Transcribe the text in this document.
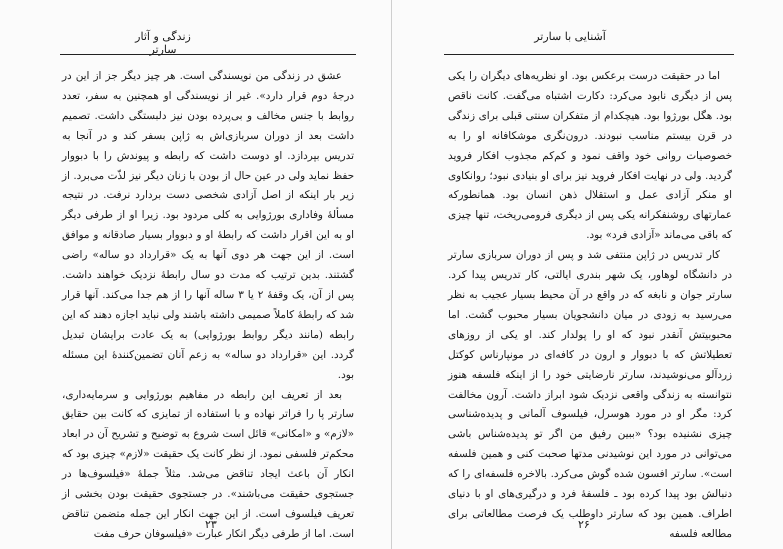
زندگی و آثار سارتر

عشق در زندگی من نویسندگی است. هر چیز دیگر جز از این در درجهٔ دوم قرار دارد». غیر از نویسندگی او همچنین به سفر، تعدد روابط با جنس مخالف و بی‌پرده بودن نیز دلبستگی داشت. تصمیم داشت بعد از دوران سربازی‌اش به ژاپن بسفر کند و در آنجا به تدریس بپردازد. او دوست داشت که رابطه و پیوندش را با دبووار حفظ نماید ولی در عین حال از بودن با زنان دیگر نیز لذّت می‌برد. از زیر بار اینکه از اصل آزادی شخصی دست بردارد نرفت. در نتیجه مسألهٔ وفاداری بورژوایی به کلی مردود بود. زیرا او از طرفی دیگر او به این اقرار داشت که رابطهٔ او و دبووار بسیار صادقانه و موافق است. از این جهت هر دوی آنها به یک «قرارداد دو ساله» راضی گشتند. بدین ترتیب که مدت دو سال رابطهٔ نزدیک خواهند داشت. پس از آن، یک وقفهٔ ۲ یا ۳ ساله آنها را از هم جدا می‌کند. آنها قرار شد که رابطهٔ کاملاً صمیمی داشته باشند ولی نباید اجازه دهند که این رابطه (مانند دیگر روابط بورژوایی) به یک عادت برایشان تبدیل گردد. این «قرارداد دو ساله» به زعم آنان تضمین‌کنندهٔ این مسئله بود.

بعد از تعریف این رابطه در مفاهیم بورژوایی و سرمایه‌داری، سارتر پا را فراتر نهاده و با استفاده از تمایزی که کانت بین حقایق «لازم» و «امکانی» قائل است شروع به توضیح و تشریح آن در ابعاد محکم‌تر فلسفی نمود. از نظر کانت یک حقیقت «لازم» چیزی بود که انکار آن باعث ایجاد تناقض می‌شد. مثلاً جملهٔ «فیلسوف‌ها در جستجوی حقیقت می‌باشند». در جستجوی حقیقت بودن بخشی از تعریف فیلسوف است. از این جهت انکار این جمله متضمن تناقض است. اما از طرفی دیگر انکار عبارت «فیلسوفان حرف مفت

۲۳
آشنایی با سارتر

اما در حقیقت درست برعکس بود. او نظریه‌های دیگران را یکی پس از دیگری نابود می‌کرد: دکارت اشتباه می‌گفت. کانت ناقص بود. هگل بورژوا بود. هیچکدام از متفکران سنتی قبلی برای زندگی در قرن بیستم مناسب نبودند. درون‌نگری موشکافانه او را به خصوصیات روانی خود واقف نمود و کم‌کم مجذوب افکار فروید گردید. ولی در نهایت افکار فروید نیز برای او بنیادی نبود؛ روانکاوی او منکر آزادی عمل و استقلال ذهن انسان بود. همانطورکه عمارتهای روشنفکرانه یکی پس از دیگری فرومی‌ریخت، تنها چیزی که باقی می‌ماند «آزادی فرد» بود.

کار تدریس در ژاپن منتفی شد و پس از دوران سربازی سارتر در دانشگاه لوهاور، یک شهر بندری ایالتی، کار تدریس پیدا کرد. سارتر جوان و نابغه که در واقع در آن محیط بسیار عجیب به نظر می‌رسید به زودی در میان دانشجویان بسیار محبوب گشت. اما محبوبیتش آنقدر نبود که او را پولدار کند. او یکی از روزهای تعطیلاتش که با دبووار و ارون در کافه‌ای در مونپارناس کوکتل زردآلو می‌نوشیدند، سارتر نارضایتی خود را از اینکه فلسفه هنوز نتوانسته به زندگی واقعی نزدیک شود ابراز داشت. آرون مخالفت کرد: مگر او در مورد هوسرل، فیلسوف آلمانی و پدیده‌شناسی چیزی نشنیده بود؟ «ببین رفیق من اگر تو پدیده‌شناس باشی می‌توانی در مورد این نوشیدنی مدتها صحبت کنی و همین فلسفه است». سارتر افسون شده گوش می‌کرد. بالاخره فلسفه‌ای را که دنبالش بود پیدا کرده بود ـ فلسفهٔ فرد و درگیری‌های او با دنیای اطراف. همین بود که سارتر داوطلب یک فرصت مطالعاتی برای مطالعه فلسفه

۲۶
